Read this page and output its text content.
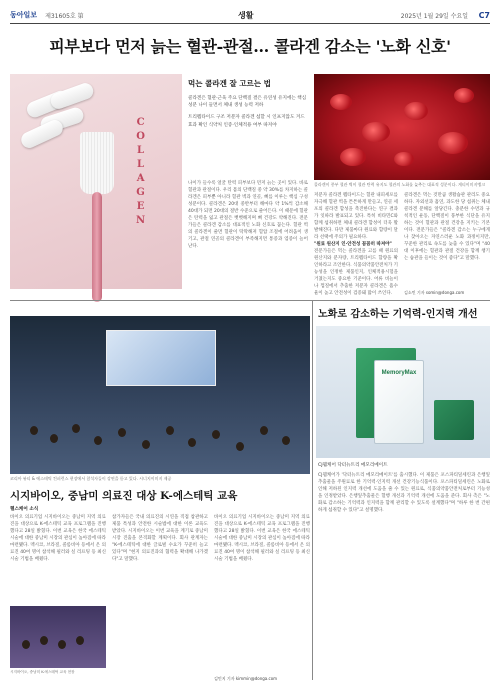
동아일보 제31605호 第	생활	2025년 1월 29일 수요일 C7
피부보다 먼저 늙는 혈관-관절… 콜라겐 감소는 '노화 신호'
C
O
L
L
A
G
E
N
먹는 콜라겐 잘 고르는 법

콜라겐은 혈관·근육 주요 단백질 결은 유연성 유지에는 핵심 성분 나이 들면서 체내 생성 능력 저하

트리펩타이드 구조 저분자 콜라겐 섭할 시 인프지않도 겨드 효과 확인 식약처 인증·인체적용 여부 따져야

콜라겐이 풍부 혈관 벽이 혈관 탄력 유지도 혈관의 노화를 늦추는 대표적 성분이다. 게티이미지뱅크
나이가 들수록 얼굴 탄력 피부보다 먼저 늙는 곳이 있다. 바로 혈관과 관절이다. 우리 몸의 단백질 중 약 30%를 차지하는 콜라겐은 피부뿐 아니라 혈관 벽과 연골, 뼈를 이루는 핵심 구성 성분이다. 콜라겐은 20대 중반부터 해마다 약 1%씩 감소해 40대가 되면 20대의 절반 수준으로 줄어든다. 이 때문에 혈관은 탄력을 잃고 관절은 뻣뻣해지며 뼈 건강도 약해진다. 전문가들은 콜라겐 감소를 대표적인 노화 신호로 꼽는다. 혈관 벽의 콜라겐이 줄면 혈관이 딱딱해져 혈압 조절에 어려움이 생기고, 관절 연골의 콜라겐이 부족해지면 통증과 염증이 늘어난다.
저분자 콜라겐 펩타이드는 혈관 내피세포를 자극해 혈관 벽을 튼튼하게 만들고, 연골 세포의 콜라겐 합성을 촉진한다는 연구 결과가 잇따라 발표되고 있다. 특히 비타민C와 함께 섭취하면 체내 콜라겐 합성이 더욱 활발해진다. 다만 제품마다 원료와 함량이 달라 선택에 주의가 필요하다.
"원료 원산지 인·안전성 꼼꼼히 따져야"
전문가들은 먹는 콜라겐을 고를 때 원료의 원산지와 분자량, 트리펩타이드 함량을 확인하라고 조언한다. 식품의약품안전처가 기능성을 인정한 제품인지, 인체적용시험을 거쳤는지도 중요한 기준이다. 어류 비늘이나 껍질에서 추출한 저분자 콜라겐은 흡수율이 높고 안전성이 검증돼 많이 쓰인다.
콜라겐은 먹는 것만큼 생활습관 관리도 중요하다. 자외선과 흡연, 과도한 당 섭취는 체내 콜라겐 분해를 앞당긴다. 충분한 수면과 규칙적인 운동, 단백질이 풍부한 식단을 유지하는 것이 혈관과 관절 건강을 지키는 기본이다. 전문가들은 "콜라겐 감소는 누구에게나 찾아오는 자연스러운 노화 과정이지만, 꾸준한 관리로 속도를 늦출 수 있다"며 "40대 이후에는 혈관과 관절 건강을 함께 챙기는 습관을 들이는 것이 좋다"고 말했다.
김소민 기자 somin@donga.com
노화로 감소하는 기억력-인지력 개선
MemoryMax
CJ웰케어 닥터뉴트리 메모리메이트
CJ웰케어가 '닥터뉴트리 메모리메이트'를 출시했다. 이 제품은 포스파티딜세린과 은행잎추출물을 주원료로 한 기억력·인지력 개선 건강기능식품이다. 포스파티딜세린은 노화로 인해 저하된 인지력 개선에 도움을 줄 수 있는 원료로, 식품의약품안전처로부터 기능성을 인정받았다. 은행잎추출물은 혈행 개선과 기억력 개선에 도움을 준다. 회사 측은 "노화로 감소하는 기억력과 인지력을 함께 관리할 수 있도록 설계했다"며 "하루 한 번 간편하게 섭취할 수 있다"고 설명했다.
코리아 뷰티 & 에스테틱 컨퍼런스 현장에서 참석자들이 강연을 듣고 있다. 시너지이미지 제공
시지바이오, 중남미 의료진 대상 K-에스테틱 교육
헬스케어 소식
바이오 의료기업 시지바이오는 중남미 지역 의료진을 대상으로 K-에스테틱 교육 프로그램을 진행했다고 28일 밝혔다. 이번 교육은 한국 에스테틱 시술에 대한 중남미 시장의 관심이 높아짐에 따라 마련됐다. 멕시코, 브라질, 콜롬비아 등에서 온 의료진 40여 명이 참석해 필러와 실 리프팅 등 최신 시술 기법을 배웠다.
참가자들은 국내 의료진의 시연을 직접 참관하고 제품 특성과 안전한 시술법에 대한 이론 교육도 받았다. 시지바이오는 이번 교육을 계기로 중남미 시장 진출을 본격화할 계획이다. 회사 관계자는 "K-에스테틱에 대한 글로벌 수요가 꾸준히 늘고 있다"며 "현지 의료진과의 협력을 확대해 나가겠다"고 말했다.
바이오 의료기업 시지바이오는 중남미 지역 의료진을 대상으로 K-에스테틱 교육 프로그램을 진행했다고 28일 밝혔다. 이번 교육은 한국 에스테틱 시술에 대한 중남미 시장의 관심이 높아짐에 따라 마련됐다. 멕시코, 브라질, 콜롬비아 등에서 온 의료진 40여 명이 참석해 필러와 실 리프팅 등 최신 시술 기법을 배웠다.
김민지 기자 kimmin@donga.com
시지바이오, 중남미 K-에스테틱 교육 현장
